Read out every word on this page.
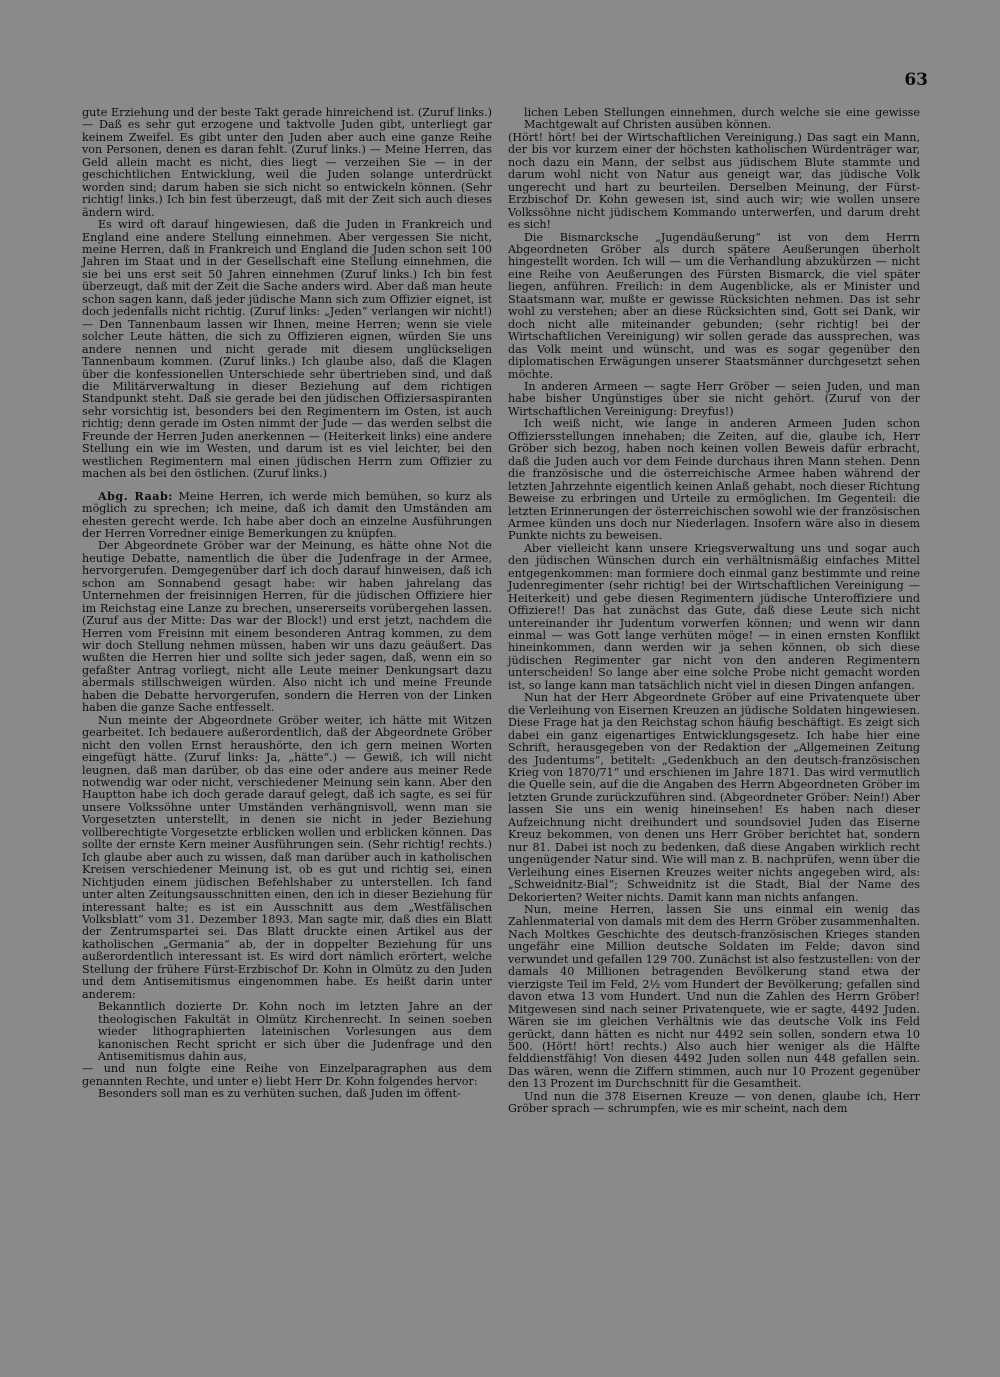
63

gute Erziehung und der beste Takt gerade hinreichend ist. (Zuruf links.) — Daß es sehr gut erzogene und taktvolle Juden gibt, unterliegt gar keinem Zweifel. Es gibt unter den Juden aber auch eine ganze Reihe von Personen, denen es daran fehlt. (Zuruf links.) — Meine Herren, das Geld allein macht es nicht, dies liegt — verzeihen Sie — in der geschichtlichen Entwicklung, weil die Juden solange unterdrückt worden sind; darum haben sie sich nicht so entwickeln können. (Sehr richtig! links.) Ich bin fest überzeugt, daß mit der Zeit sich auch dieses ändern wird.

Es wird oft darauf hingewiesen, daß die Juden in Frankreich und England eine andere Stellung einnehmen. Aber vergessen Sie nicht, meine Herren, daß in Frankreich und England die Juden schon seit 100 Jahren im Staat und in der Gesellschaft eine Stellung einnehmen, die sie bei uns erst seit 50 Jahren einnehmen (Zuruf links.) Ich bin fest überzeugt, daß mit der Zeit die Sache anders wird. Aber daß man heute schon sagen kann, daß jeder jüdische Mann sich zum Offizier eignet, ist doch jedenfalls nicht richtig. (Zuruf links: „Jeden“ verlangen wir nicht!) — Den Tannenbaum lassen wir Ihnen, meine Herren; wenn sie viele solcher Leute hätten, die sich zu Offizieren eignen, würden Sie uns andere nennen und nicht gerade mit diesem unglückseligen Tannenbaum kommen. (Zuruf links.) Ich glaube also, daß die Klagen über die konfessionellen Unterschiede sehr übertrieben sind, und daß die Militärverwaltung in dieser Beziehung auf dem richtigen Standpunkt steht. Daß sie gerade bei den jüdischen Offiziersaspiranten sehr vorsichtig ist, besonders bei den Regimentern im Osten, ist auch richtig; denn gerade im Osten nimmt der Jude — das werden selbst die Freunde der Herren Juden anerkennen — (Heiterkeit links) eine andere Stellung ein wie im Westen, und darum ist es viel leichter, bei den westlichen Regimentern mal einen jüdischen Herrn zum Offizier zu machen als bei den östlichen. (Zuruf links.)

Abg. Raab: Meine Herren, ich werde mich bemühen, so kurz als möglich zu sprechen; ich meine, daß ich damit den Umständen am ehesten gerecht werde. Ich habe aber doch an einzelne Ausführungen der Herren Vorredner einige Bemerkungen zu knüpfen.

Der Abgeordnete Gröber war der Meinung, es hätte ohne Not die heutige Debatte, namentlich die über die Judenfrage in der Armee, hervorgerufen. Demgegenüber darf ich doch darauf hinweisen, daß ich schon am Sonnabend gesagt habe: wir haben jahrelang das Unternehmen der freisinnigen Herren, für die jüdischen Offiziere hier im Reichstag eine Lanze zu brechen, unsererseits vorübergehen lassen. (Zuruf aus der Mitte: Das war der Block!) und erst jetzt, nachdem die Herren vom Freisinn mit einem besonderen Antrag kommen, zu dem wir doch Stellung nehmen müssen, haben wir uns dazu geäußert. Das wußten die Herren hier und sollte sich jeder sagen, daß, wenn ein so gefaßter Antrag vorliegt, nicht alle Leute meiner Denkungsart dazu abermals stillschweigen würden. Also nicht ich und meine Freunde haben die Debatte hervorgerufen, sondern die Herren von der Linken haben die ganze Sache entfesselt.

Nun meinte der Abgeordnete Gröber weiter, ich hätte mit Witzen gearbeitet. Ich bedauere außerordentlich, daß der Abgeordnete Gröber nicht den vollen Ernst heraushörte, den ich gern meinen Worten eingefügt hätte. (Zuruf links: Ja, „hätte“.) — Gewiß, ich will nicht leugnen, daß man darüber, ob das eine oder andere aus meiner Rede notwendig war oder nicht, verschiedener Meinung sein kann. Aber den Hauptton habe ich doch gerade darauf gelegt, daß ich sagte, es sei für unsere Volkssöhne unter Umständen verhängnisvoll, wenn man sie Vorgesetzten unterstellt, in denen sie nicht in jeder Beziehung vollberechtigte Vorgesetzte erblicken wollen und erblicken können. Das sollte der ernste Kern meiner Ausführungen sein. (Sehr richtig! rechts.) Ich glaube aber auch zu wissen, daß man darüber auch in katholischen Kreisen verschiedener Meinung ist, ob es gut und richtig sei, einen Nichtjuden einem jüdischen Befehlshaber zu unterstellen. Ich fand unter alten Zeitungsausschnitten einen, den ich in dieser Beziehung für interessant halte; es ist ein Ausschnitt aus dem „Westfälischen Volksblatt“ vom 31. Dezember 1893. Man sagte mir, daß dies ein Blatt der Zentrumspartei sei. Das Blatt druckte einen Artikel aus der katholischen „Germania“ ab, der in doppelter Beziehung für uns außerordentlich interessant ist. Es wird dort nämlich erörtert, welche Stellung der frühere Fürst-Erzbischof Dr. Kohn in Olmütz zu den Juden und dem Antisemitismus eingenommen habe. Es heißt darin unter anderem:

Bekanntlich dozierte Dr. Kohn noch im letzten Jahre an der theologischen Fakultät in Olmütz Kirchenrecht. In seinen soeben wieder lithographierten lateinischen Vorlesungen aus dem kanonischen Recht spricht er sich über die Judenfrage und den Antisemitismus dahin aus,

— und nun folgte eine Reihe von Einzelparagraphen aus dem genannten Rechte, und unter e) liebt Herr Dr. Kohn folgendes hervor:

Besonders soll man es zu verhüten suchen, daß Juden im öffent-

lichen Leben Stellungen einnehmen, durch welche sie eine gewisse Machtgewalt auf Christen ausüben können.

(Hört! hört! bei der Wirtschaftlichen Vereinigung.) Das sagt ein Mann, der bis vor kurzem einer der höchsten katholischen Würdenträger war, noch dazu ein Mann, der selbst aus jüdischem Blute stammte und darum wohl nicht von Natur aus geneigt war, das jüdische Volk ungerecht und hart zu beurteilen. Derselben Meinung, der Fürst-Erzbischof Dr. Kohn gewesen ist, sind auch wir; wie wollen unsere Volkssöhne nicht jüdischem Kommando unterwerfen, und darum dreht es sich!

Die Bismarcksche „Jugendäußerung“ ist von dem Herrn Abgeordneten Gröber als durch spätere Aeußerungen überholt hingestellt worden. Ich will — um die Verhandlung abzukürzen — nicht eine Reihe von Aeußerungen des Fürsten Bismarck, die viel später liegen, anführen. Freilich: in dem Augenblicke, als er Minister und Staatsmann war, mußte er gewisse Rücksichten nehmen. Das ist sehr wohl zu verstehen; aber an diese Rücksichten sind, Gott sei Dank, wir doch nicht alle miteinander gebunden; (sehr richtig! bei der Wirtschaftlichen Vereinigung) wir sollen gerade das aussprechen, was das Volk meint und wünscht, und was es sogar gegenüber den diplomatischen Erwägungen unserer Staatsmänner durchgesetzt sehen möchte.

In anderen Armeen — sagte Herr Gröber — seien Juden, und man habe bisher Ungünstiges über sie nicht gehört. (Zuruf von der Wirtschaftlichen Vereinigung: Dreyfus!)

Ich weiß nicht, wie lange in anderen Armeen Juden schon Offiziersstellungen innehaben; die Zeiten, auf die, glaube ich, Herr Gröber sich bezog, haben noch keinen vollen Beweis dafür erbracht, daß die Juden auch vor dem Feinde durchaus ihren Mann stehen. Denn die französische und die österreichische Armee haben während der letzten Jahrzehnte eigentlich keinen Anlaß gehabt, noch dieser Richtung Beweise zu erbringen und Urteile zu ermöglichen. Im Gegenteil: die letzten Erinnerungen der österreichischen sowohl wie der französischen Armee künden uns doch nur Niederlagen. Insofern wäre also in diesem Punkte nichts zu beweisen.

Aber vielleicht kann unsere Kriegsverwaltung uns und sogar auch den jüdischen Wünschen durch ein verhältnismäßig einfaches Mittel entgegenkommen: man formiere doch einmal ganz bestimmte und reine Judenregimenter (sehr richtig! bei der Wirtschaftlichen Vereinigung — Heiterkeit) und gebe diesen Regimentern jüdische Unteroffiziere und Offiziere!! Das hat zunächst das Gute, daß diese Leute sich nicht untereinander ihr Judentum vorwerfen können; und wenn wir dann einmal — was Gott lange verhüten möge! — in einen ernsten Konflikt hineinkommen, dann werden wir ja sehen können, ob sich diese jüdischen Regimenter gar nicht von den anderen Regimentern unterscheiden! So lange aber eine solche Probe nicht gemacht worden ist, so lange kann man tatsächlich nicht viel in diesen Dingen anfangen.

Nun hat der Herr Abgeordnete Gröber auf eine Privatenquete über die Verleihung von Eisernen Kreuzen an jüdische Soldaten hingewiesen. Diese Frage hat ja den Reichstag schon häufig beschäftigt. Es zeigt sich dabei ein ganz eigenartiges Entwicklungsgesetz. Ich habe hier eine Schrift, herausgegeben von der Redaktion der „Allgemeinen Zeitung des Judentums“, betitelt: „Gedenkbuch an den deutsch-französischen Krieg von 1870/71“ und erschienen im Jahre 1871. Das wird vermutlich die Quelle sein, auf die die Angaben des Herrn Abgeordneten Gröber im letzten Grunde zurückzuführen sind. (Abgeordneter Gröber: Nein!) Aber lassen Sie uns ein wenig hineinsehen! Es haben nach dieser Aufzeichnung nicht dreihundert und soundsoviel Juden das Eiserne Kreuz bekommen, von denen uns Herr Gröber berichtet hat, sondern nur 81. Dabei ist noch zu bedenken, daß diese Angaben wirklich recht ungenügender Natur sind. Wie will man z. B. nachprüfen, wenn über die Verleihung eines Eisernen Kreuzes weiter nichts angegeben wird, als: „Schweidnitz-Bial“; Schweidnitz ist die Stadt, Bial der Name des Dekorierten? Weiter nichts. Damit kann man nichts anfangen.

Nun, meine Herren, lassen Sie uns einmal ein wenig das Zahlenmaterial von damals mit dem des Herrn Gröber zusammenhalten. Nach Moltkes Geschichte des deutsch-französischen Krieges standen ungefähr eine Million deutsche Soldaten im Felde; davon sind verwundet und gefallen 129 700. Zunächst ist also festzustellen: von der damals 40 Millionen betragenden Bevölkerung stand etwa der vierzigste Teil im Feld, 2½ vom Hundert der Bevölkerung; gefallen sind davon etwa 13 vom Hundert. Und nun die Zahlen des Herrn Gröber! Mitgewesen sind nach seiner Privatenquete, wie er sagte, 4492 Juden. Wären sie im gleichen Verhältnis wie das deutsche Volk ins Feld gerückt, dann hätten es nicht nur 4492 sein sollen, sondern etwa 10 500. (Hört! hört! rechts.) Also auch hier weniger als die Hälfte felddienstfähig! Von diesen 4492 Juden sollen nun 448 gefallen sein. Das wären, wenn die Ziffern stimmen, auch nur 10 Prozent gegenüber den 13 Prozent im Durchschnitt für die Gesamtheit.

Und nun die 378 Eisernen Kreuze — von denen, glaube ich, Herr Gröber sprach — schrumpfen, wie es mir scheint, nach dem
